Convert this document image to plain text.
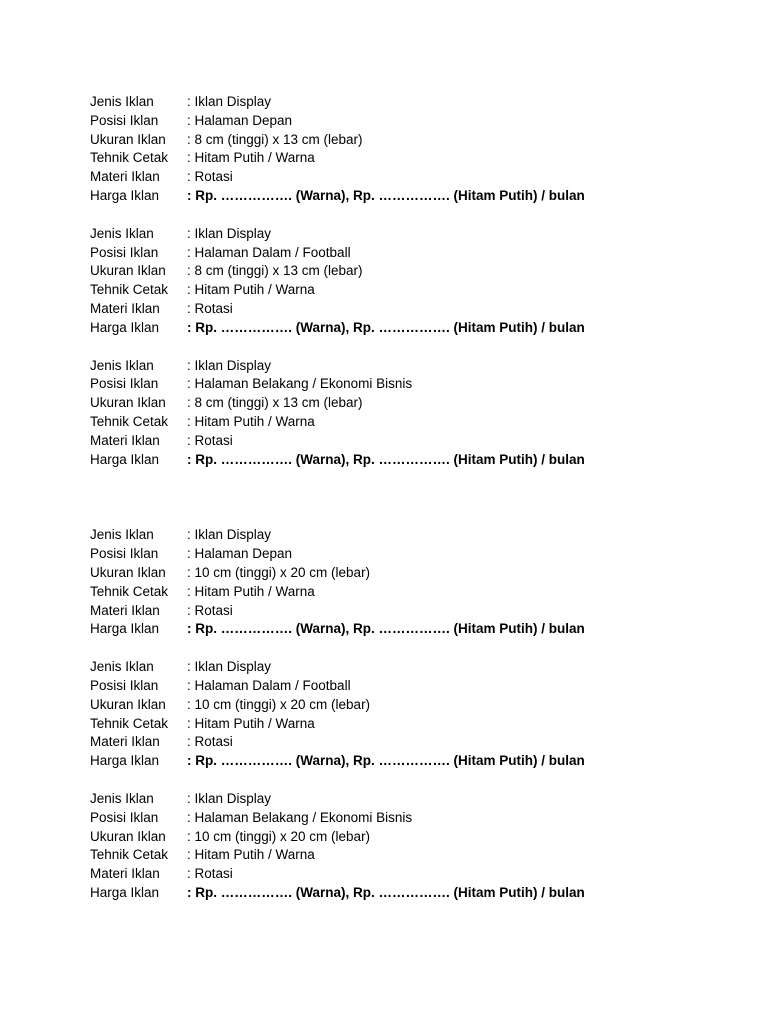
Jenis Iklan	: Iklan Display
Posisi Iklan	: Halaman Depan
Ukuran Iklan	: 8 cm (tinggi) x 13 cm (lebar)
Tehnik Cetak	: Hitam Putih / Warna
Materi Iklan	: Rotasi
Harga Iklan	: Rp. ……………. (Warna), Rp. ……………. (Hitam Putih) / bulan
Jenis Iklan	: Iklan Display
Posisi Iklan	: Halaman Dalam / Football
Ukuran Iklan	: 8 cm (tinggi) x 13 cm (lebar)
Tehnik Cetak	: Hitam Putih / Warna
Materi Iklan	: Rotasi
Harga Iklan	: Rp. ……………. (Warna), Rp. ……………. (Hitam Putih) / bulan
Jenis Iklan	: Iklan Display
Posisi Iklan	: Halaman Belakang / Ekonomi Bisnis
Ukuran Iklan	: 8 cm (tinggi) x 13 cm (lebar)
Tehnik Cetak	: Hitam Putih / Warna
Materi Iklan	: Rotasi
Harga Iklan	: Rp. ……………. (Warna), Rp. ……………. (Hitam Putih) / bulan
Jenis Iklan	: Iklan Display
Posisi Iklan	: Halaman Depan
Ukuran Iklan	: 10 cm (tinggi) x 20 cm (lebar)
Tehnik Cetak	: Hitam Putih / Warna
Materi Iklan	: Rotasi
Harga Iklan	: Rp. ……………. (Warna), Rp. ……………. (Hitam Putih) / bulan
Jenis Iklan	: Iklan Display
Posisi Iklan	: Halaman Dalam / Football
Ukuran Iklan	: 10 cm (tinggi) x 20 cm (lebar)
Tehnik Cetak	: Hitam Putih / Warna
Materi Iklan	: Rotasi
Harga Iklan	: Rp. ……………. (Warna), Rp. ……………. (Hitam Putih) / bulan
Jenis Iklan	: Iklan Display
Posisi Iklan	: Halaman Belakang / Ekonomi Bisnis
Ukuran Iklan	: 10 cm (tinggi) x 20 cm (lebar)
Tehnik Cetak	: Hitam Putih / Warna
Materi Iklan	: Rotasi
Harga Iklan	: Rp. ……………. (Warna), Rp. ……………. (Hitam Putih) / bulan
